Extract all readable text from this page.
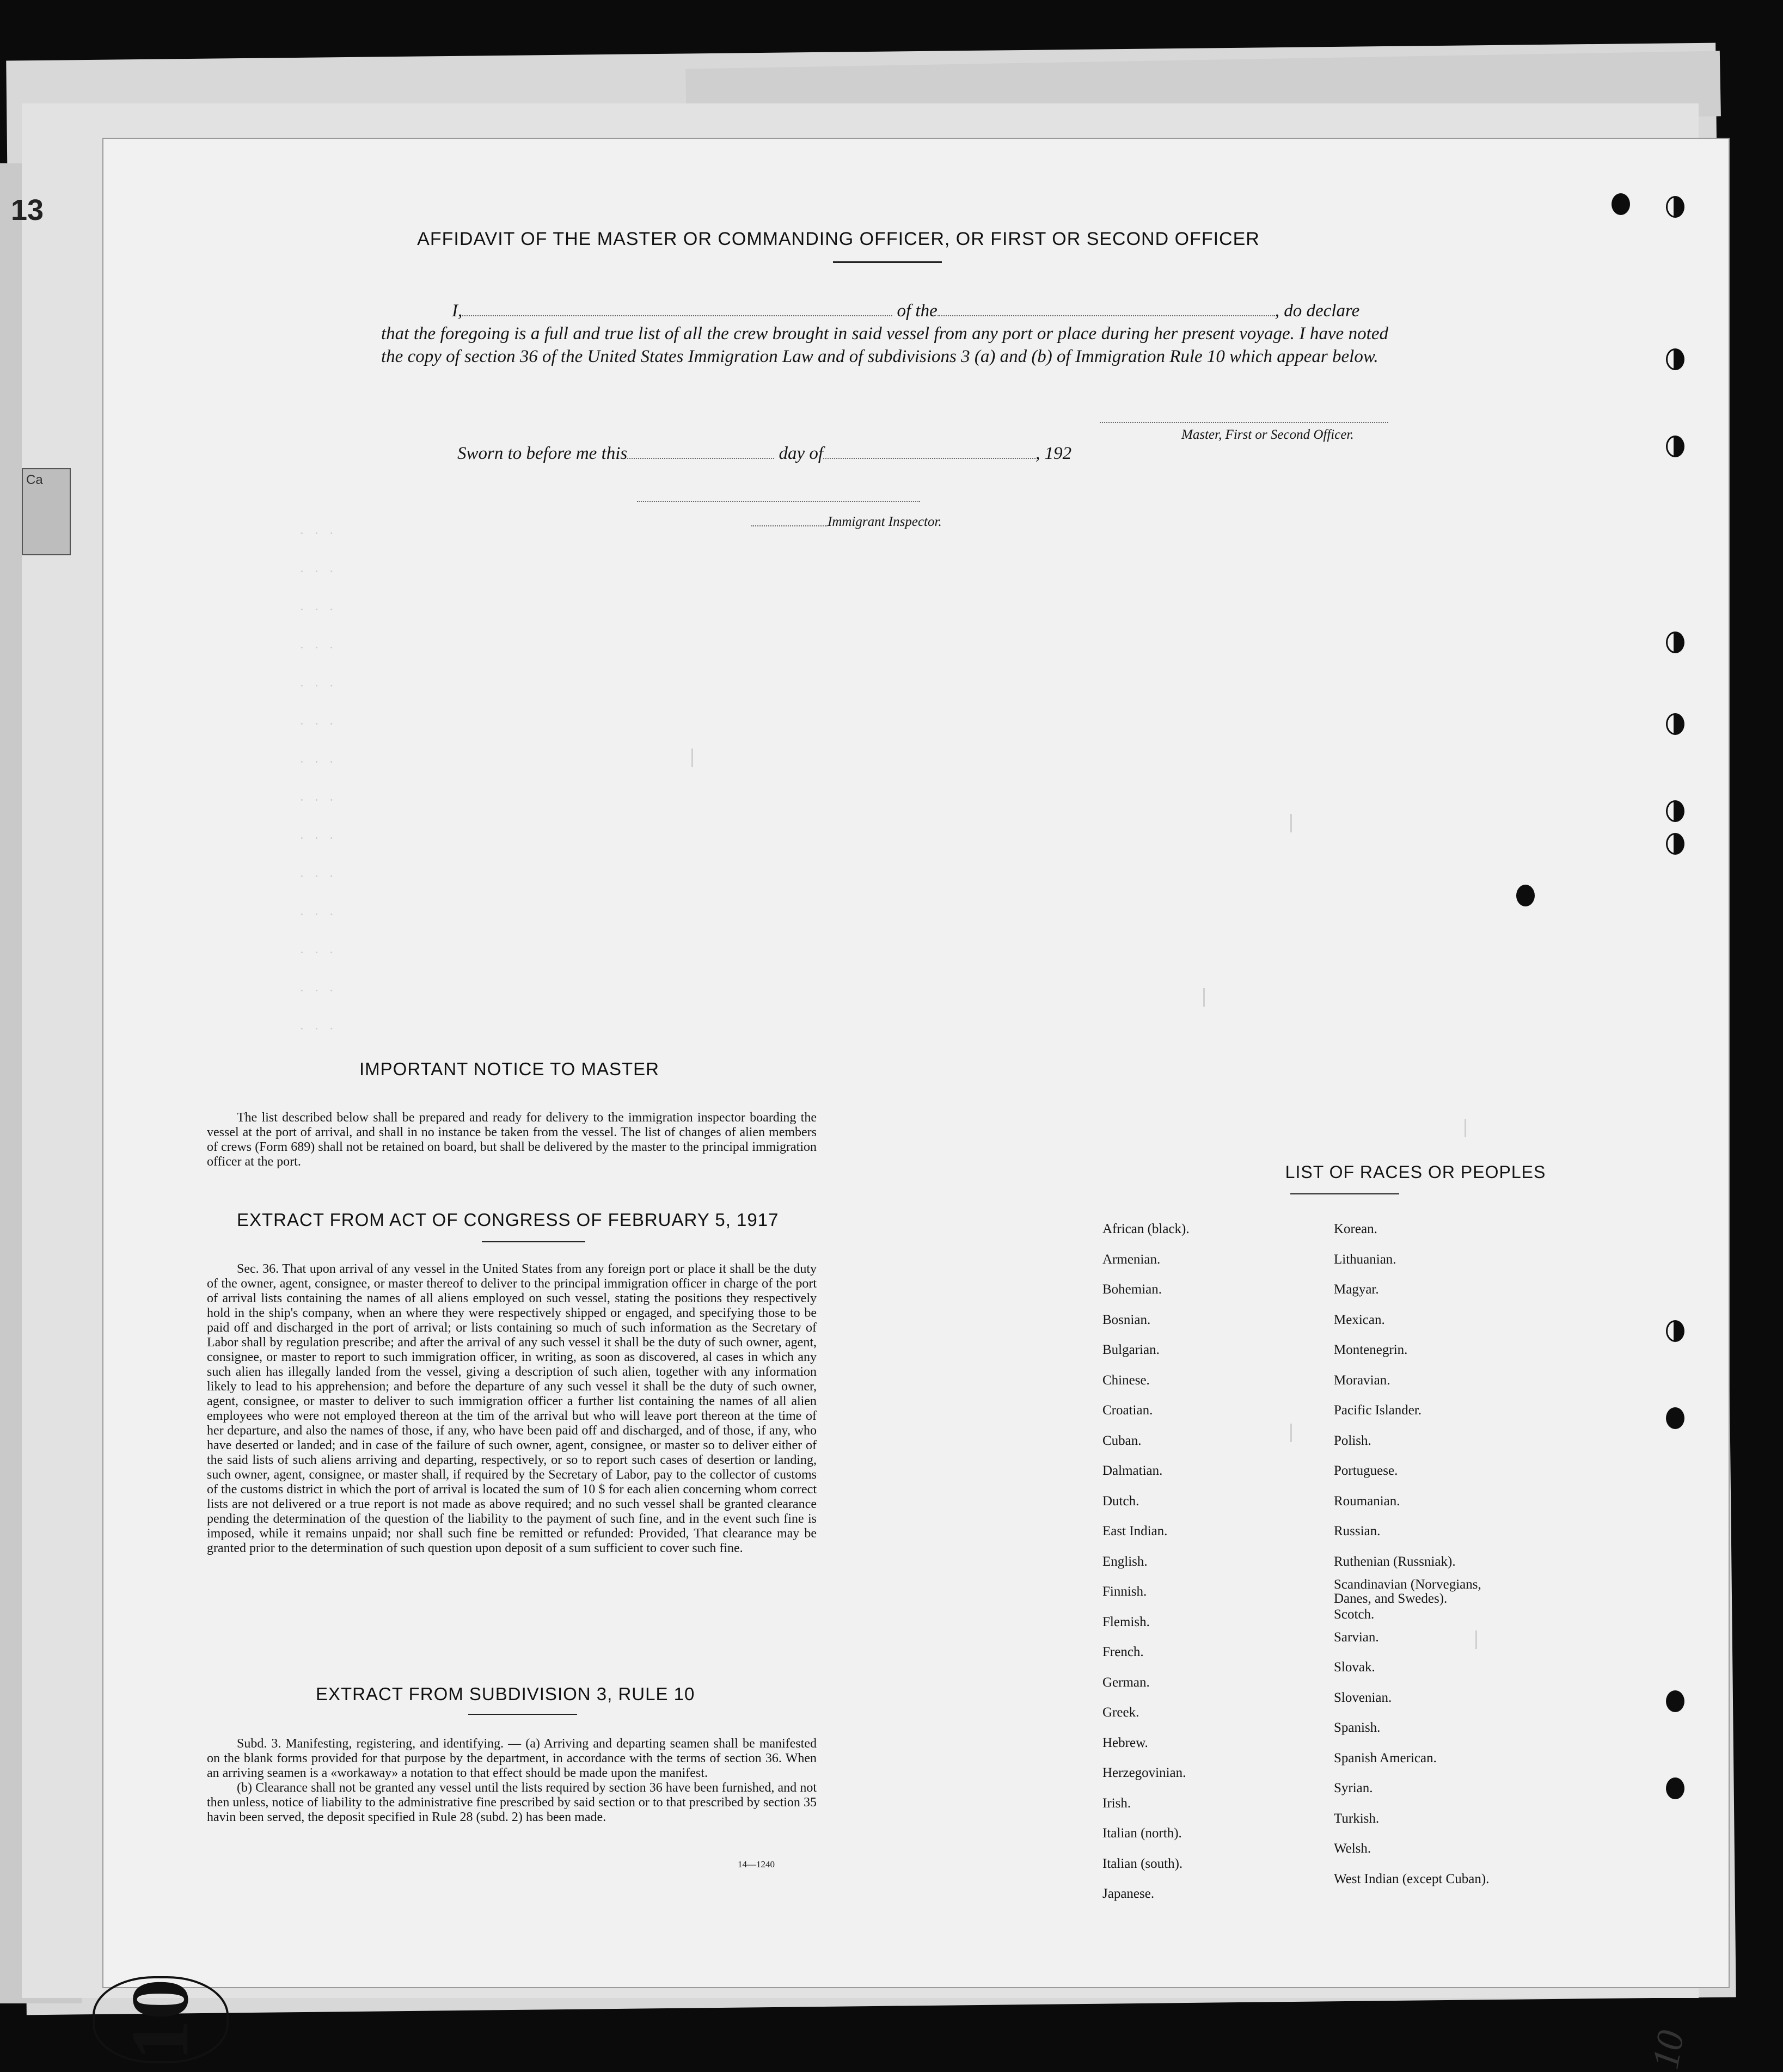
13
Ca
AFFIDAVIT OF THE MASTER OR COMMANDING OFFICER, OR FIRST OR SECOND OFFICER
I,	of the	, do declare
that the foregoing is a full and true list of all the crew brought in said vessel from any port or place during her present voyage. I have noted the copy of section 36 of the United States Immigration Law and of subdivisions 3 (a) and (b) of Immigration Rule 10 which appear below.
Master, First or Second Officer.
Sworn to before me this	day of	, 192
Immigrant Inspector.
· · ·
· · ·
· · ·
· · ·
· · ·
· · ·
· · ·
· · ·
· · ·
· · ·
· · ·
· · ·
· · ·
· · ·
IMPORTANT NOTICE TO MASTER

The list described below shall be prepared and ready for delivery to the immigration inspector boarding the vessel at the port of arrival, and shall in no instance be taken from the vessel. The list of changes of alien members of crews (Form 689) shall not be retained on board, but shall be delivered by the master to the principal immigration officer at the port.

EXTRACT FROM ACT OF CONGRESS OF FEBRUARY 5, 1917

Sec. 36. That upon arrival of any vessel in the United States from any foreign port or place it shall be the duty of the owner, agent, consignee, or master thereof to deliver to the principal immigration officer in charge of the port of arrival lists containing the names of all aliens employed on such vessel, stating the positions they respectively hold in the ship's company, when an where they were respectively shipped or engaged, and specifying those to be paid off and discharged in the port of arrival; or lists containing so much of such information as the Secretary of Labor shall by regulation prescribe; and after the arrival of any such vessel it shall be the duty of such owner, agent, consignee, or master to report to such immigration officer, in writing, as soon as discovered, al cases in which any such alien has illegally landed from the vessel, giving a description of such alien, together with any information likely to lead to his apprehension; and before the departure of any such vessel it shall be the duty of such owner, agent, consignee, or master to deliver to such immigration officer a further list containing the names of all alien employees who were not employed thereon at the tim of the arrival but who will leave port thereon at the time of her departure, and also the names of those, if any, who have been paid off and discharged, and of those, if any, who have deserted or landed; and in case of the failure of such owner, agent, consignee, or master so to deliver either of the said lists of such aliens arriving and departing, respectively, or so to report such cases of desertion or landing, such owner, agent, consignee, or master shall, if required by the Secretary of Labor, pay to the collector of customs of the customs district in which the port of arrival is located the sum of 10 $ for each alien concerning whom correct lists are not delivered or a true report is not made as above required; and no such vessel shall be granted clearance pending the determination of the question of the liability to the payment of such fine, and in the event such fine is imposed, while it remains unpaid; nor shall such fine be remitted or refunded: Provided, That clearance may be granted prior to the determination of such question upon deposit of a sum sufficient to cover such fine.

EXTRACT FROM SUBDIVISION 3, RULE 10

Subd. 3. Manifesting, registering, and identifying. — (a) Arriving and departing seamen shall be manifested on the blank forms provided for that purpose by the department, in accordance with the terms of section 36. When an arriving seamen is a «workaway» a notation to that effect should be made upon the manifest.

(b) Clearance shall not be granted any vessel until the lists required by section 36 have been furnished, and not then unless, notice of liability to the administrative fine prescribed by said section or to that prescribed by section 35 havin been served, the deposit specified in Rule 28 (subd. 2) has been made.

14—1240
LIST OF RACES OR PEOPLES
African (black).
Armenian.
Bohemian.
Bosnian.
Bulgarian.
Chinese.
Croatian.
Cuban.
Dalmatian.
Dutch.
East Indian.
English.
Finnish.
Flemish.
French.
German.
Greek.
Hebrew.
Herzegovinian.
Irish.
Italian (north).
Italian (south).
Japanese.
Korean.
Lithuanian.
Magyar.
Mexican.
Montenegrin.
Moravian.
Pacific Islander.
Polish.
Portuguese.
Roumanian.
Russian.
Ruthenian (Russniak).
Scandinavian (Norvegians, Danes, and Swedes).
Scotch.
Sarvian.
Slovak.
Slovenian.
Spanish.
Spanish American.
Syrian.
Turkish.
Welsh.
West Indian (except Cuban).
10	10
